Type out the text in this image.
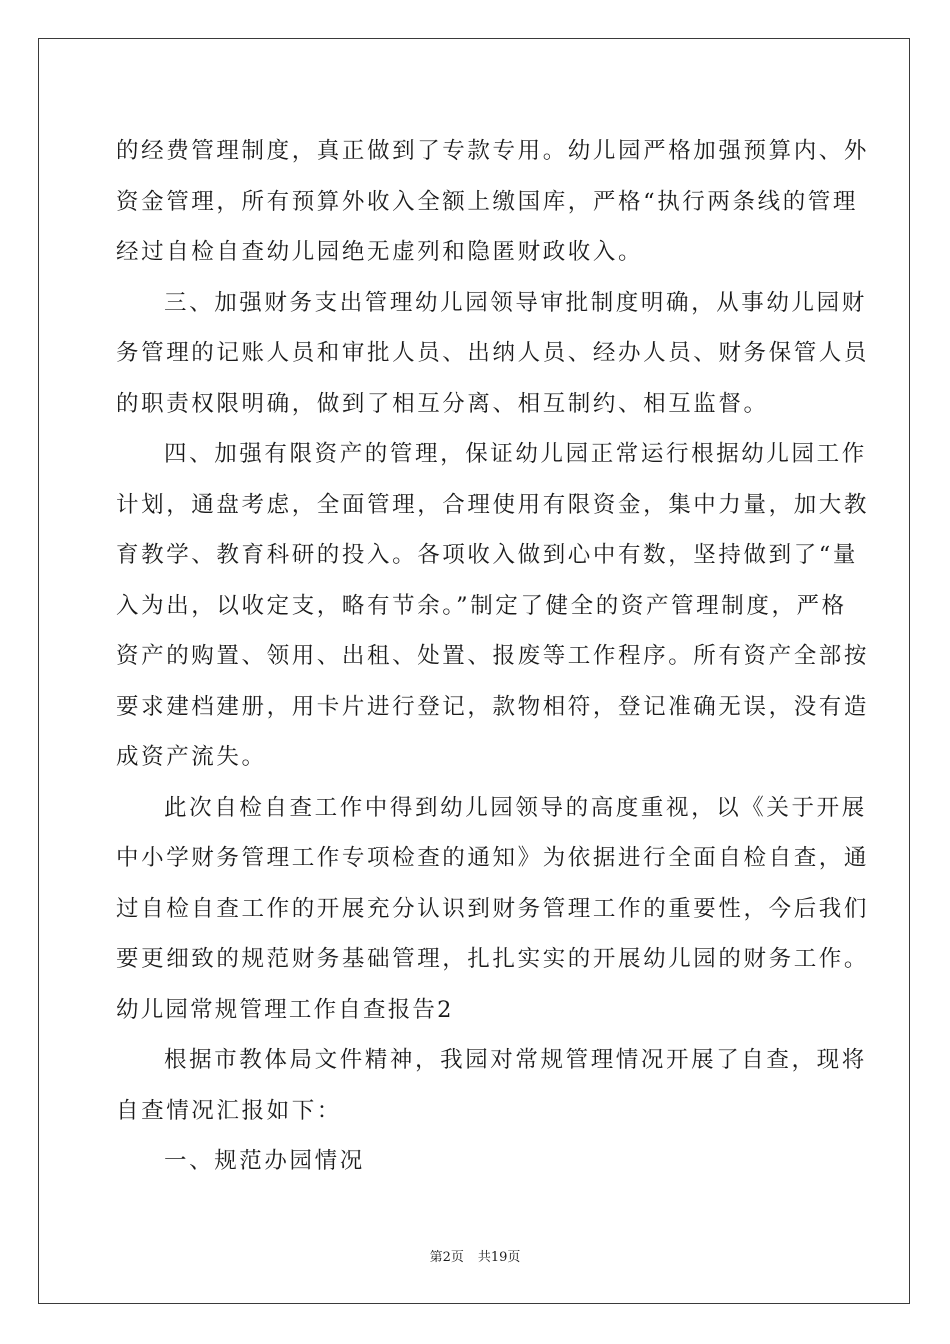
的经费管理制度，真正做到了专款专用。幼儿园严格加强预算内、外
资金管理，所有预算外收入全额上缴国库，严格“执行两条线的管理
经过自检自查幼儿园绝无虚列和隐匿财政收入。
三、加强财务支出管理幼儿园领导审批制度明确，从事幼儿园财
务管理的记账人员和审批人员、出纳人员、经办人员、财务保管人员
的职责权限明确，做到了相互分离、相互制约、相互监督。
四、加强有限资产的管理，保证幼儿园正常运行根据幼儿园工作
计划，通盘考虑，全面管理，合理使用有限资金，集中力量，加大教
育教学、教育科研的投入。各项收入做到心中有数，坚持做到了“量
入为出，以收定支，略有节余。”制定了健全的资产管理制度，严格
资产的购置、领用、出租、处置、报废等工作程序。所有资产全部按
要求建档建册，用卡片进行登记，款物相符，登记准确无误，没有造
成资产流失。
此次自检自查工作中得到幼儿园领导的高度重视，以《关于开展
中小学财务管理工作专项检查的通知》为依据进行全面自检自查，通
过自检自查工作的开展充分认识到财务管理工作的重要性，今后我们
要更细致的规范财务基础管理，扎扎实实的开展幼儿园的财务工作。
幼儿园常规管理工作自查报告2
根据市教体局文件精神，我园对常规管理情况开展了自查，现将
自查情况汇报如下：
一、规范办园情况
第2页 共19页
